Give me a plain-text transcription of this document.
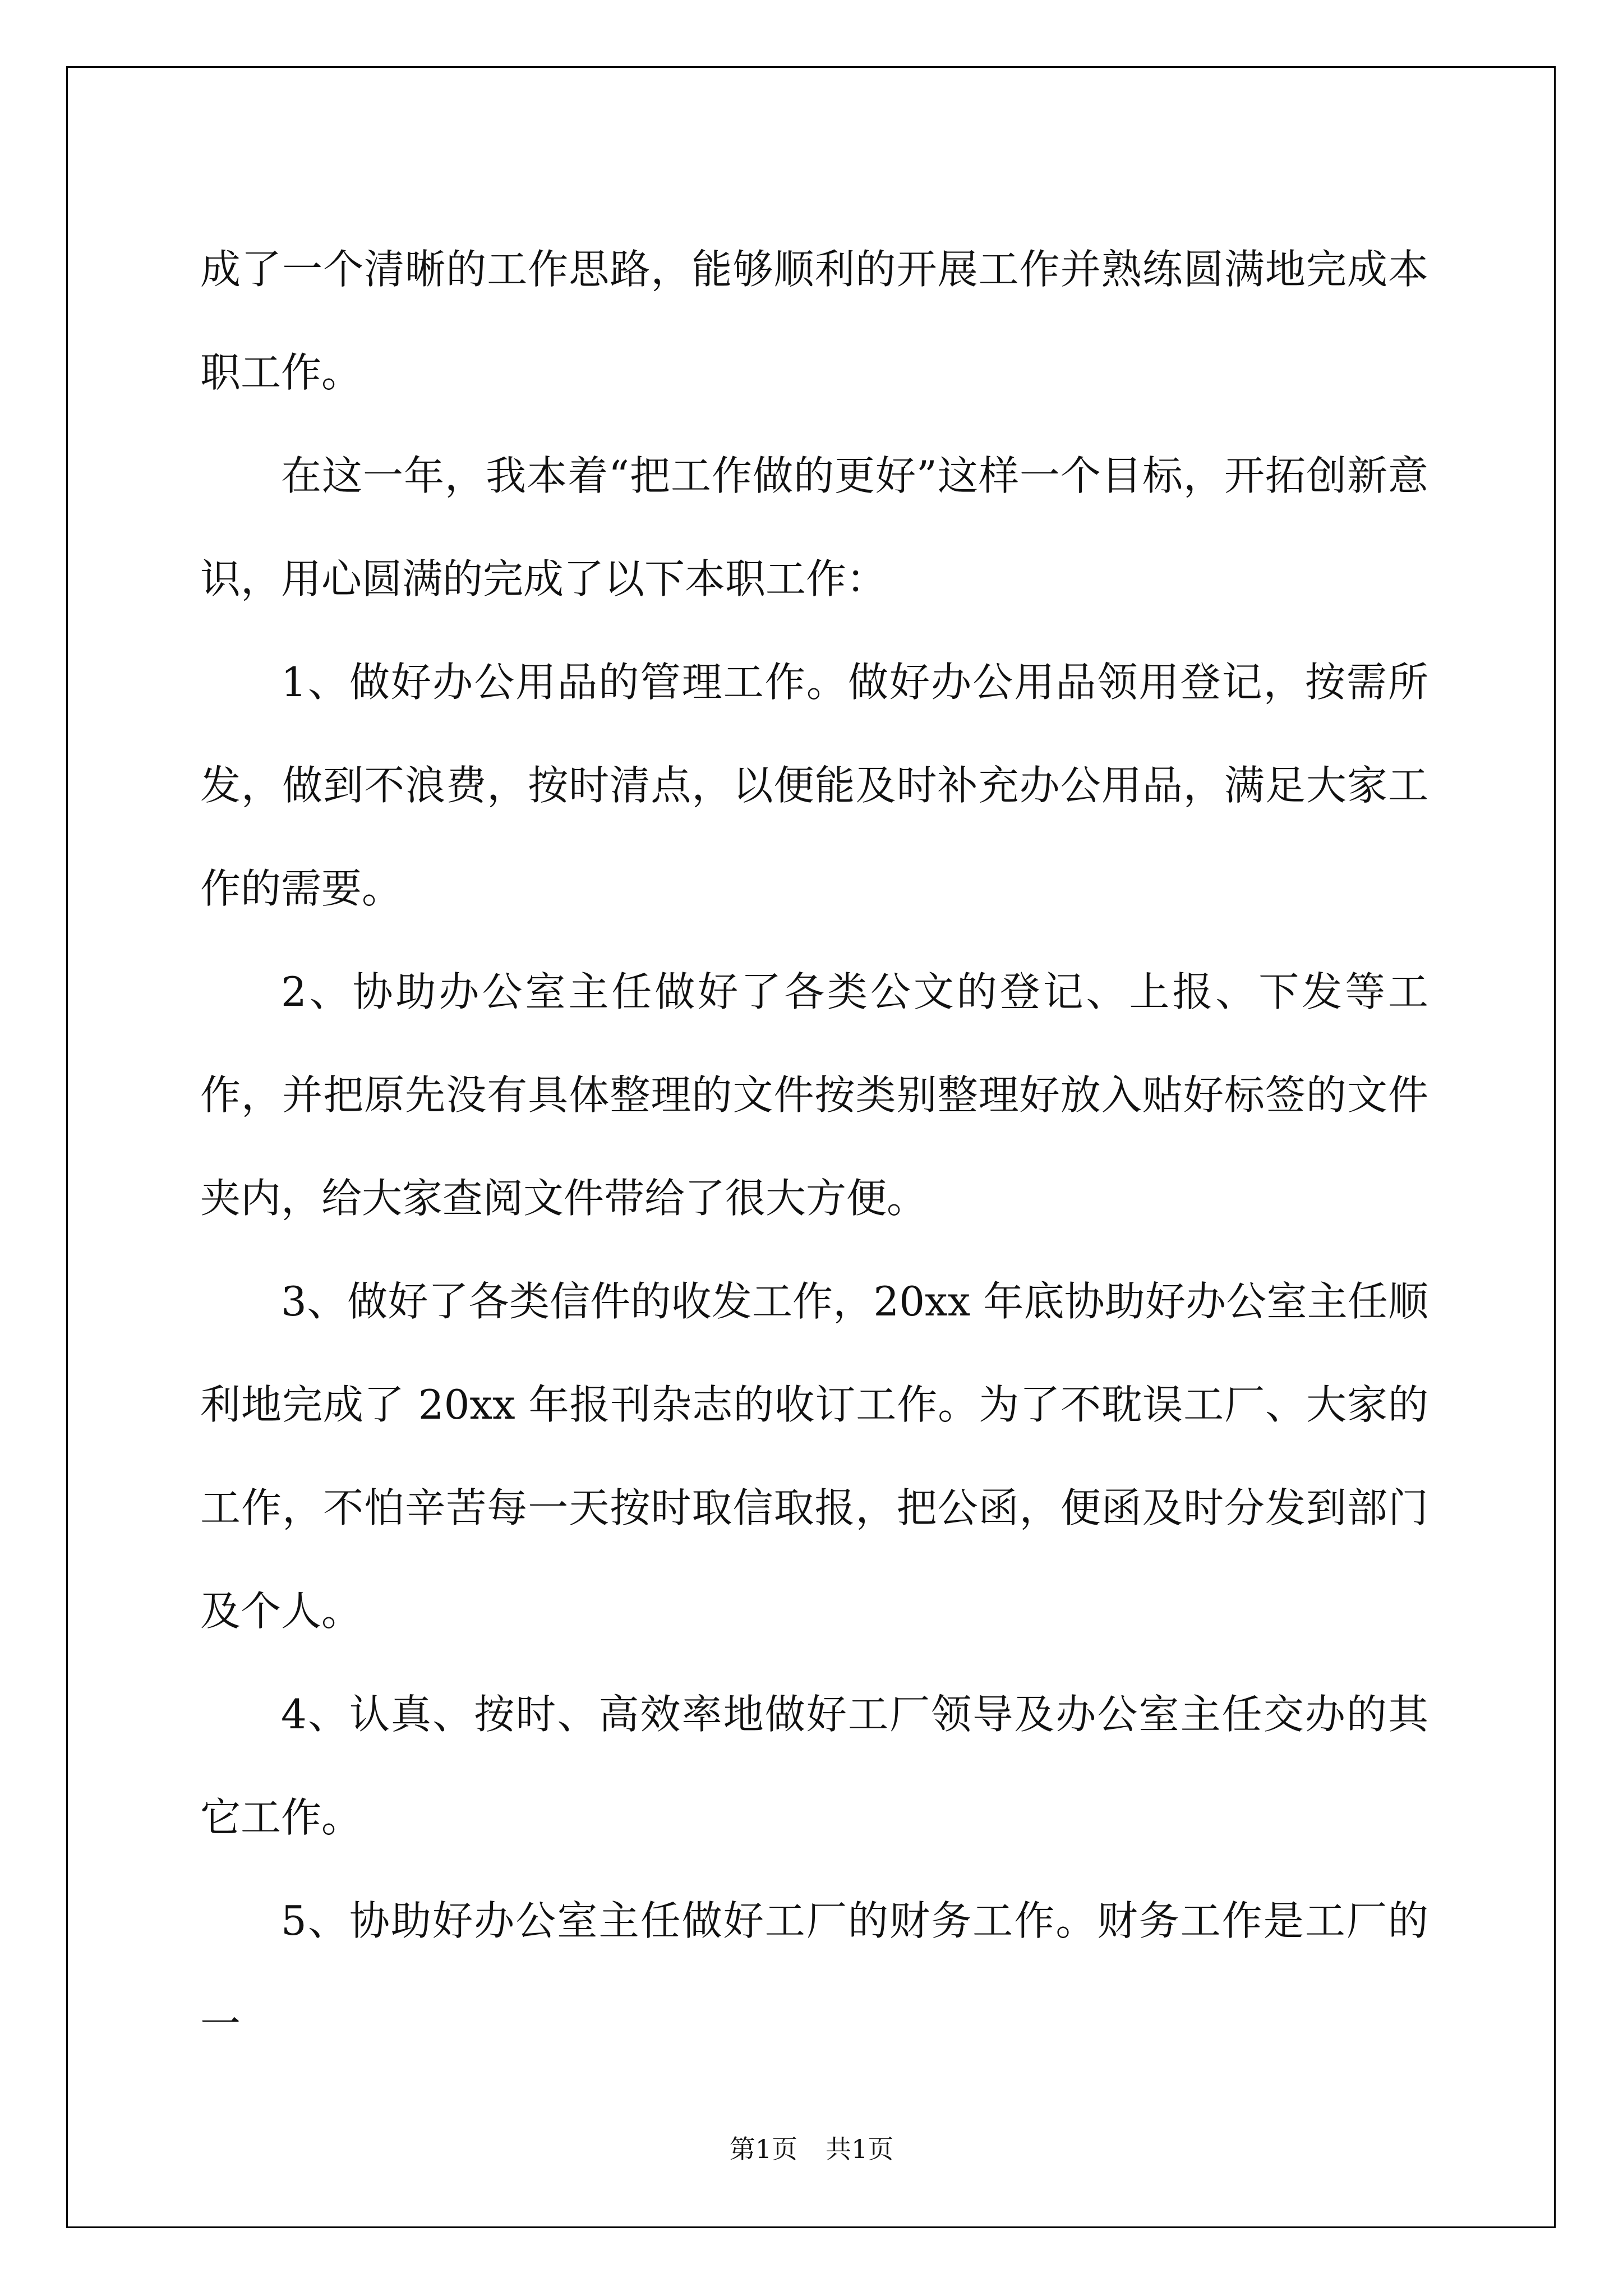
成了一个清晰的工作思路，能够顺利的开展工作并熟练圆满地完成本职工作。

在这一年，我本着“把工作做的更好”这样一个目标，开拓创新意识，用心圆满的完成了以下本职工作：

1、做好办公用品的管理工作。做好办公用品领用登记，按需所发，做到不浪费，按时清点，以便能及时补充办公用品，满足大家工作的需要。

2、协助办公室主任做好了各类公文的登记、上报、下发等工作，并把原先没有具体整理的文件按类别整理好放入贴好标签的文件夹内，给大家查阅文件带给了很大方便。

3、做好了各类信件的收发工作，20xx 年底协助好办公室主任顺利地完成了 20xx 年报刊杂志的收订工作。为了不耽误工厂、大家的工作，不怕辛苦每一天按时取信取报，把公函，便函及时分发到部门及个人。

4、认真、按时、高效率地做好工厂领导及办公室主任交办的其它工作。

5、协助好办公室主任做好工厂的财务工作。财务工作是工厂的一

第1页 共1页
